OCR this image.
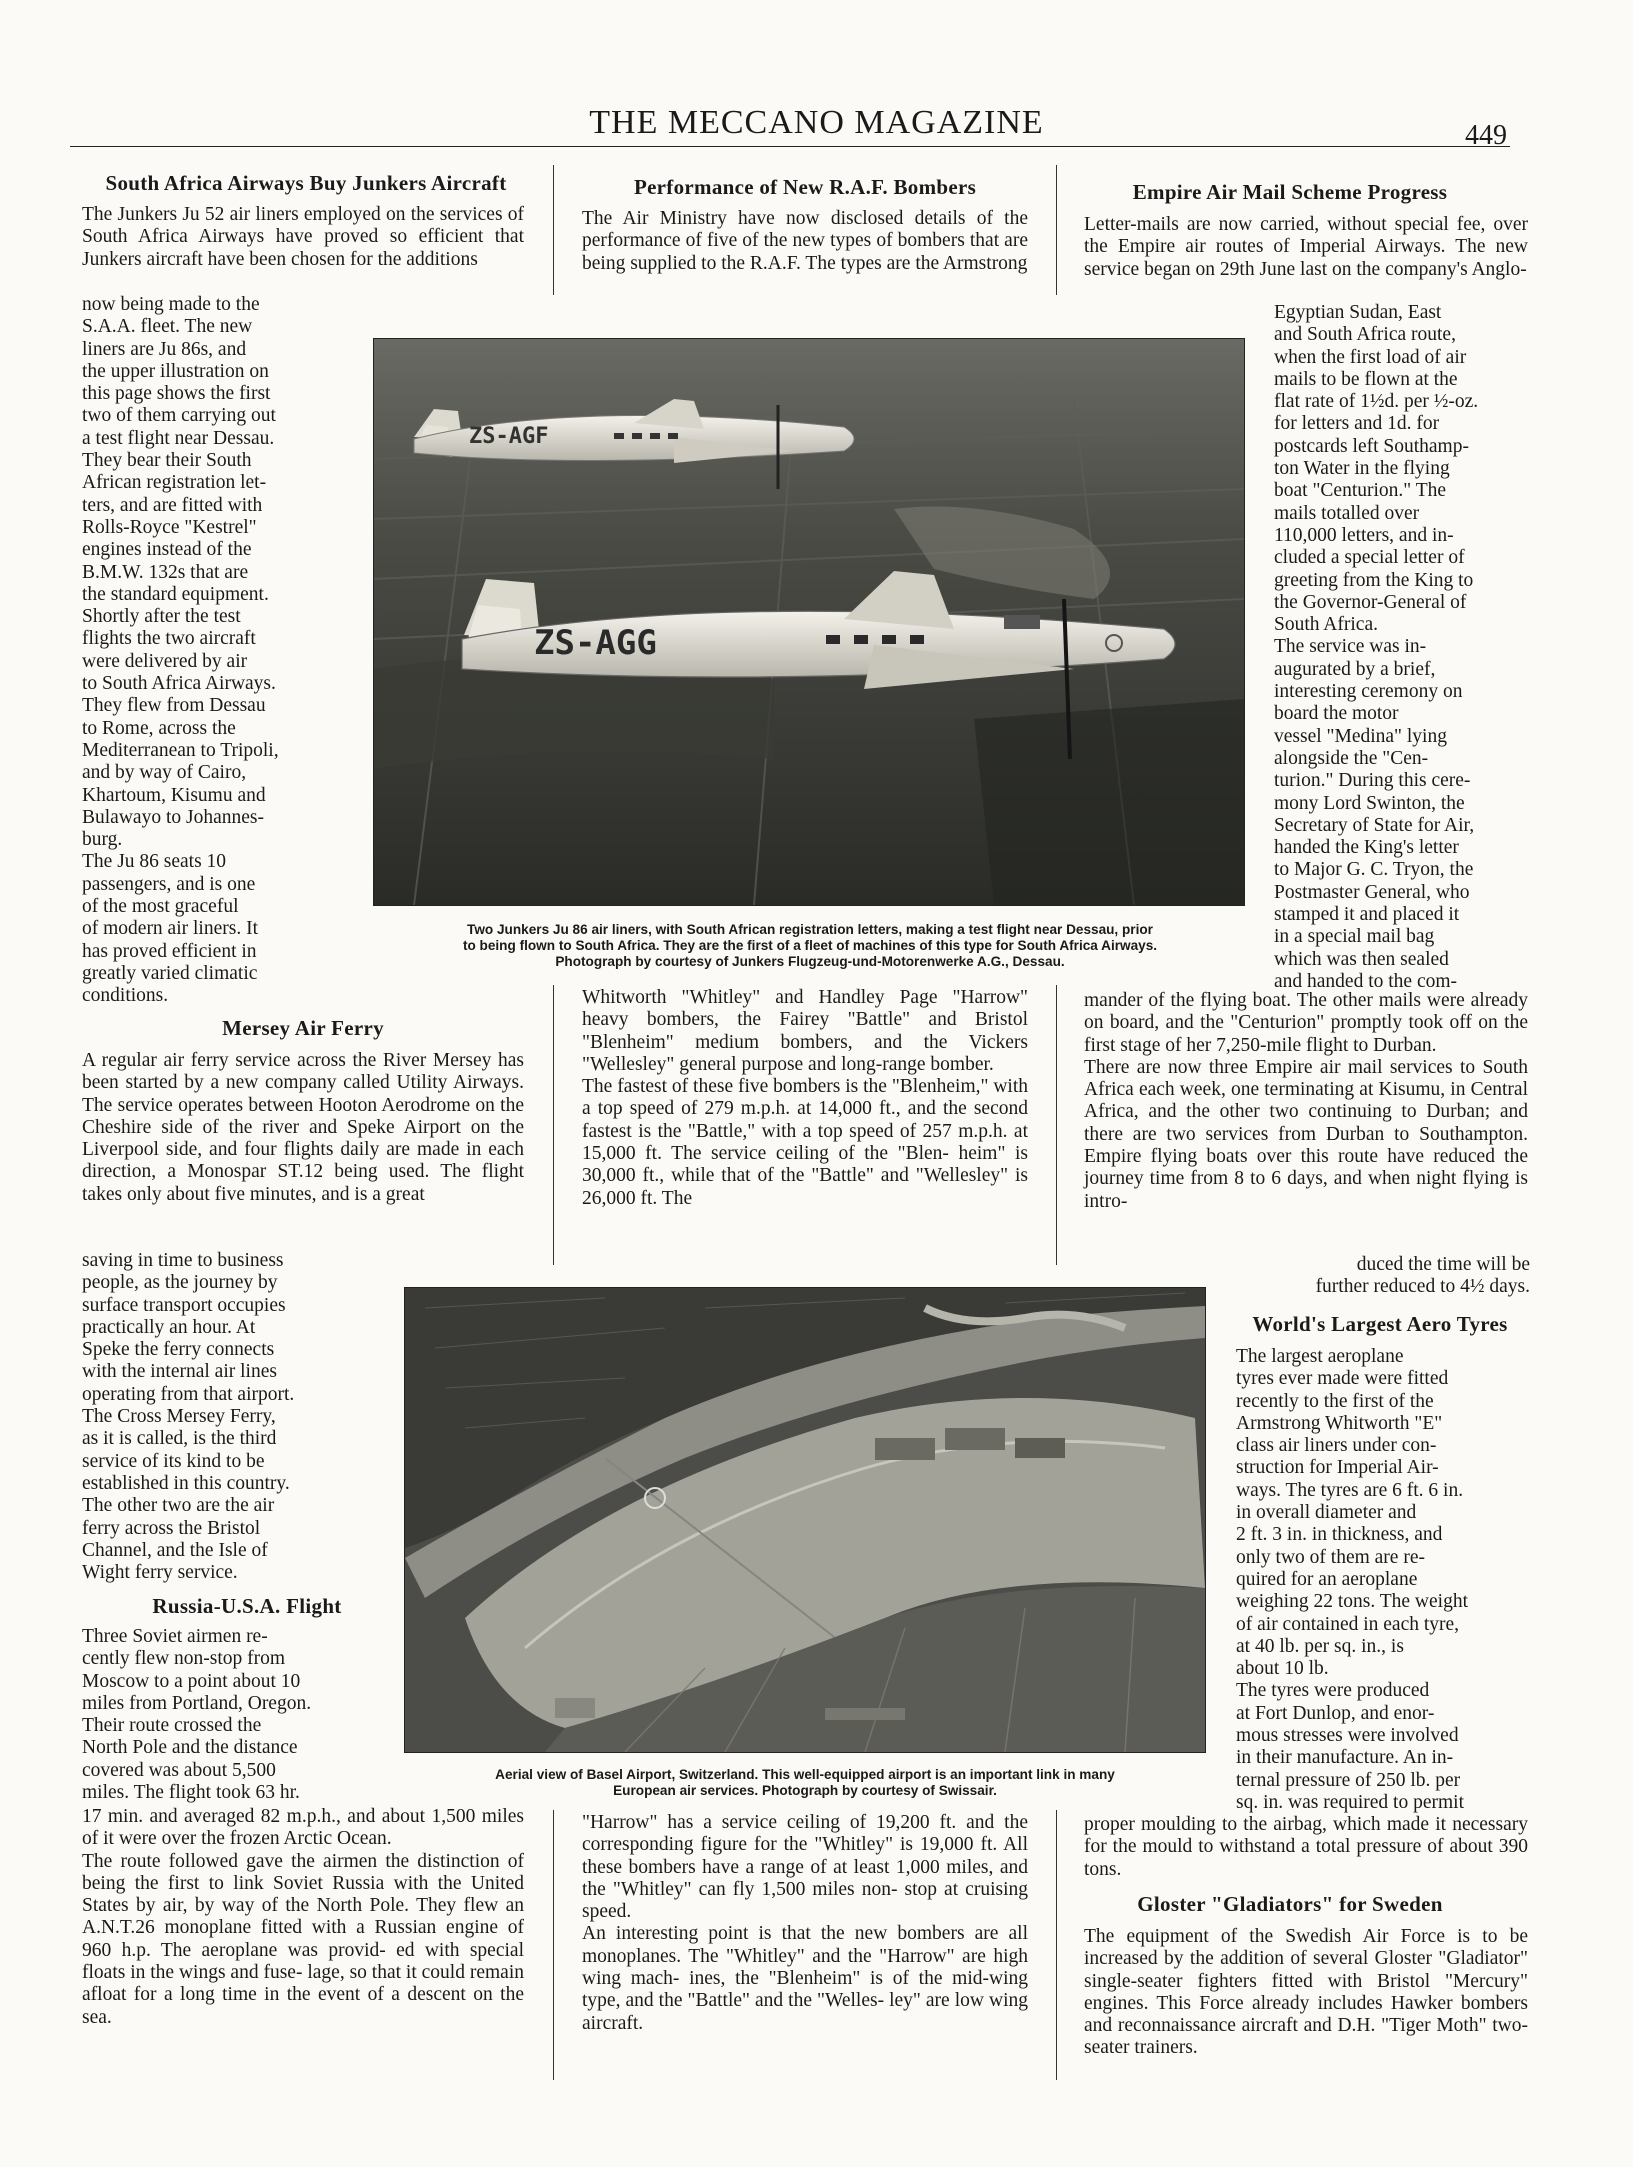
THE MECCANO MAGAZINE	449
South Africa Airways Buy Junkers Aircraft

The Junkers Ju 52 air liners employed on the services of South Africa Airways have proved so efficient that Junkers aircraft have been chosen for the additions

now being made to the
S.A.A. fleet. The new
liners are Ju 86s, and
the upper illustration on
this page shows the first
two of them carrying out
a test flight near Dessau.
They bear their South
African registration let-
ters, and are fitted with
Rolls-Royce "Kestrel"
engines instead of the
B.M.W. 132s that are
the standard equipment.
Shortly after the test
flights the two aircraft
were delivered by air
to South Africa Airways.
They flew from Dessau
to Rome, across the
Mediterranean to Tripoli,
and by way of Cairo,
Khartoum, Kisumu and
Bulawayo to Johannes-
burg.
The Ju 86 seats 10
passengers, and is one
of the most graceful
of modern air liners. It
has proved efficient in
greatly varied climatic
conditions.

Mersey Air Ferry

A regular air ferry service across the River Mersey has been started by a new company called Utility Airways. The service operates between Hooton Aerodrome on the Cheshire side of the river and Speke Airport on the Liverpool side, and four flights daily are made in each direction, a Monospar ST.12 being used. The flight takes only about five minutes, and is a great

saving in time to business
people, as the journey by
surface transport occupies
practically an hour. At
Speke the ferry connects
with the internal air lines
operating from that airport.
The Cross Mersey Ferry,
as it is called, is the third
service of its kind to be
established in this country.
The other two are the air
ferry across the Bristol
Channel, and the Isle of
Wight ferry service.

Russia-U.S.A. Flight

Three Soviet airmen re-
cently flew non-stop from
Moscow to a point about 10
miles from Portland, Oregon.
Their route crossed the
North Pole and the distance
covered was about 5,500
miles. The flight took 63 hr.

17 min. and averaged 82 m.p.h., and about 1,500 miles of it were over the frozen Arctic Ocean.
The route followed gave the airmen the distinction of being the first to link Soviet Russia with the United States by air, by way of the North Pole. They flew an A.N.T.26 monoplane fitted with a Russian engine of 960 h.p. The aeroplane was provid- ed with special floats in the wings and fuse- lage, so that it could remain afloat for a long time in the event of a descent on the sea.

Performance of New R.A.F. Bombers

The Air Ministry have now disclosed details of the performance of five of the new types of bombers that are being supplied to the R.A.F. The types are the Armstrong

Whitworth "Whitley" and Handley Page "Harrow" heavy bombers, the Fairey "Battle" and Bristol "Blenheim" medium bombers, and the Vickers "Wellesley" general purpose and long-range bomber.
The fastest of these five bombers is the "Blenheim," with a top speed of 279 m.p.h. at 14,000 ft., and the second fastest is the "Battle," with a top speed of 257 m.p.h. at 15,000 ft. The service ceiling of the "Blen- heim" is 30,000 ft., while that of the "Battle" and "Wellesley" is 26,000 ft. The

"Harrow" has a service ceiling of 19,200 ft. and the corresponding figure for the "Whitley" is 19,000 ft. All these bombers have a range of at least 1,000 miles, and the "Whitley" can fly 1,500 miles non- stop at cruising speed.
An interesting point is that the new bombers are all monoplanes. The "Whitley" and the "Harrow" are high wing mach- ines, the "Blenheim" is of the mid-wing type, and the "Battle" and the "Welles- ley" are low wing aircraft.

Empire Air Mail Scheme Progress

Letter-mails are now carried, without special fee, over the Empire air routes of Imperial Airways. The new service began on 29th June last on the company's Anglo-

Egyptian Sudan, East
and South Africa route,
when the first load of air
mails to be flown at the
flat rate of 1½d. per ½-oz.
for letters and 1d. for
postcards left Southamp-
ton Water in the flying
boat "Centurion." The
mails totalled over
110,000 letters, and in-
cluded a special letter of
greeting from the King to
the Governor-General of
South Africa.
The service was in-
augurated by a brief,
interesting ceremony on
board the motor
vessel "Medina" lying
alongside the "Cen-
turion." During this cere-
mony Lord Swinton, the
Secretary of State for Air,
handed the King's letter
to Major G. C. Tryon, the
Postmaster General, who
stamped it and placed it
in a special mail bag
which was then sealed
and handed to the com-

mander of the flying boat. The other mails were already on board, and the "Centurion" promptly took off on the first stage of her 7,250-mile flight to Durban.
There are now three Empire air mail services to South Africa each week, one terminating at Kisumu, in Central Africa, and the other two continuing to Durban; and there are two services from Durban to Southampton. Empire flying boats over this route have reduced the journey time from 8 to 6 days, and when night flying is intro-

duced the time will be
further reduced to 4½ days.

World's Largest Aero Tyres

The largest aeroplane
tyres ever made were fitted
recently to the first of the
Armstrong Whitworth "E"
class air liners under con-
struction for Imperial Air-
ways. The tyres are 6 ft. 6 in.
in overall diameter and
2 ft. 3 in. in thickness, and
only two of them are re-
quired for an aeroplane
weighing 22 tons. The weight
of air contained in each tyre,
at 40 lb. per sq. in., is
about 10 lb.
The tyres were produced
at Fort Dunlop, and enor-
mous stresses were involved
in their manufacture. An in-
ternal pressure of 250 lb. per
sq. in. was required to permit

proper moulding to the airbag, which made it necessary for the mould to withstand a total pressure of about 390 tons.

Gloster "Gladiators" for Sweden

The equipment of the Swedish Air Force is to be increased by the addition of several Gloster "Gladiator" single-seater fighters fitted with Bristol "Mercury" engines. This Force already includes Hawker bombers and reconnaissance aircraft and D.H. "Tiger Moth" two-seater trainers.

ZS-AGF
ZS-AGG

Two Junkers Ju 86 air liners, with South African registration letters, making a test flight near Dessau, prior
to being flown to South Africa. They are the first of a fleet of machines of this type for South Africa Airways.
Photograph by courtesy of Junkers Flugzeug-und-Motorenwerke A.G., Dessau.

Aerial view of Basel Airport, Switzerland. This well-equipped airport is an important link in many
European air services. Photograph by courtesy of Swissair.
